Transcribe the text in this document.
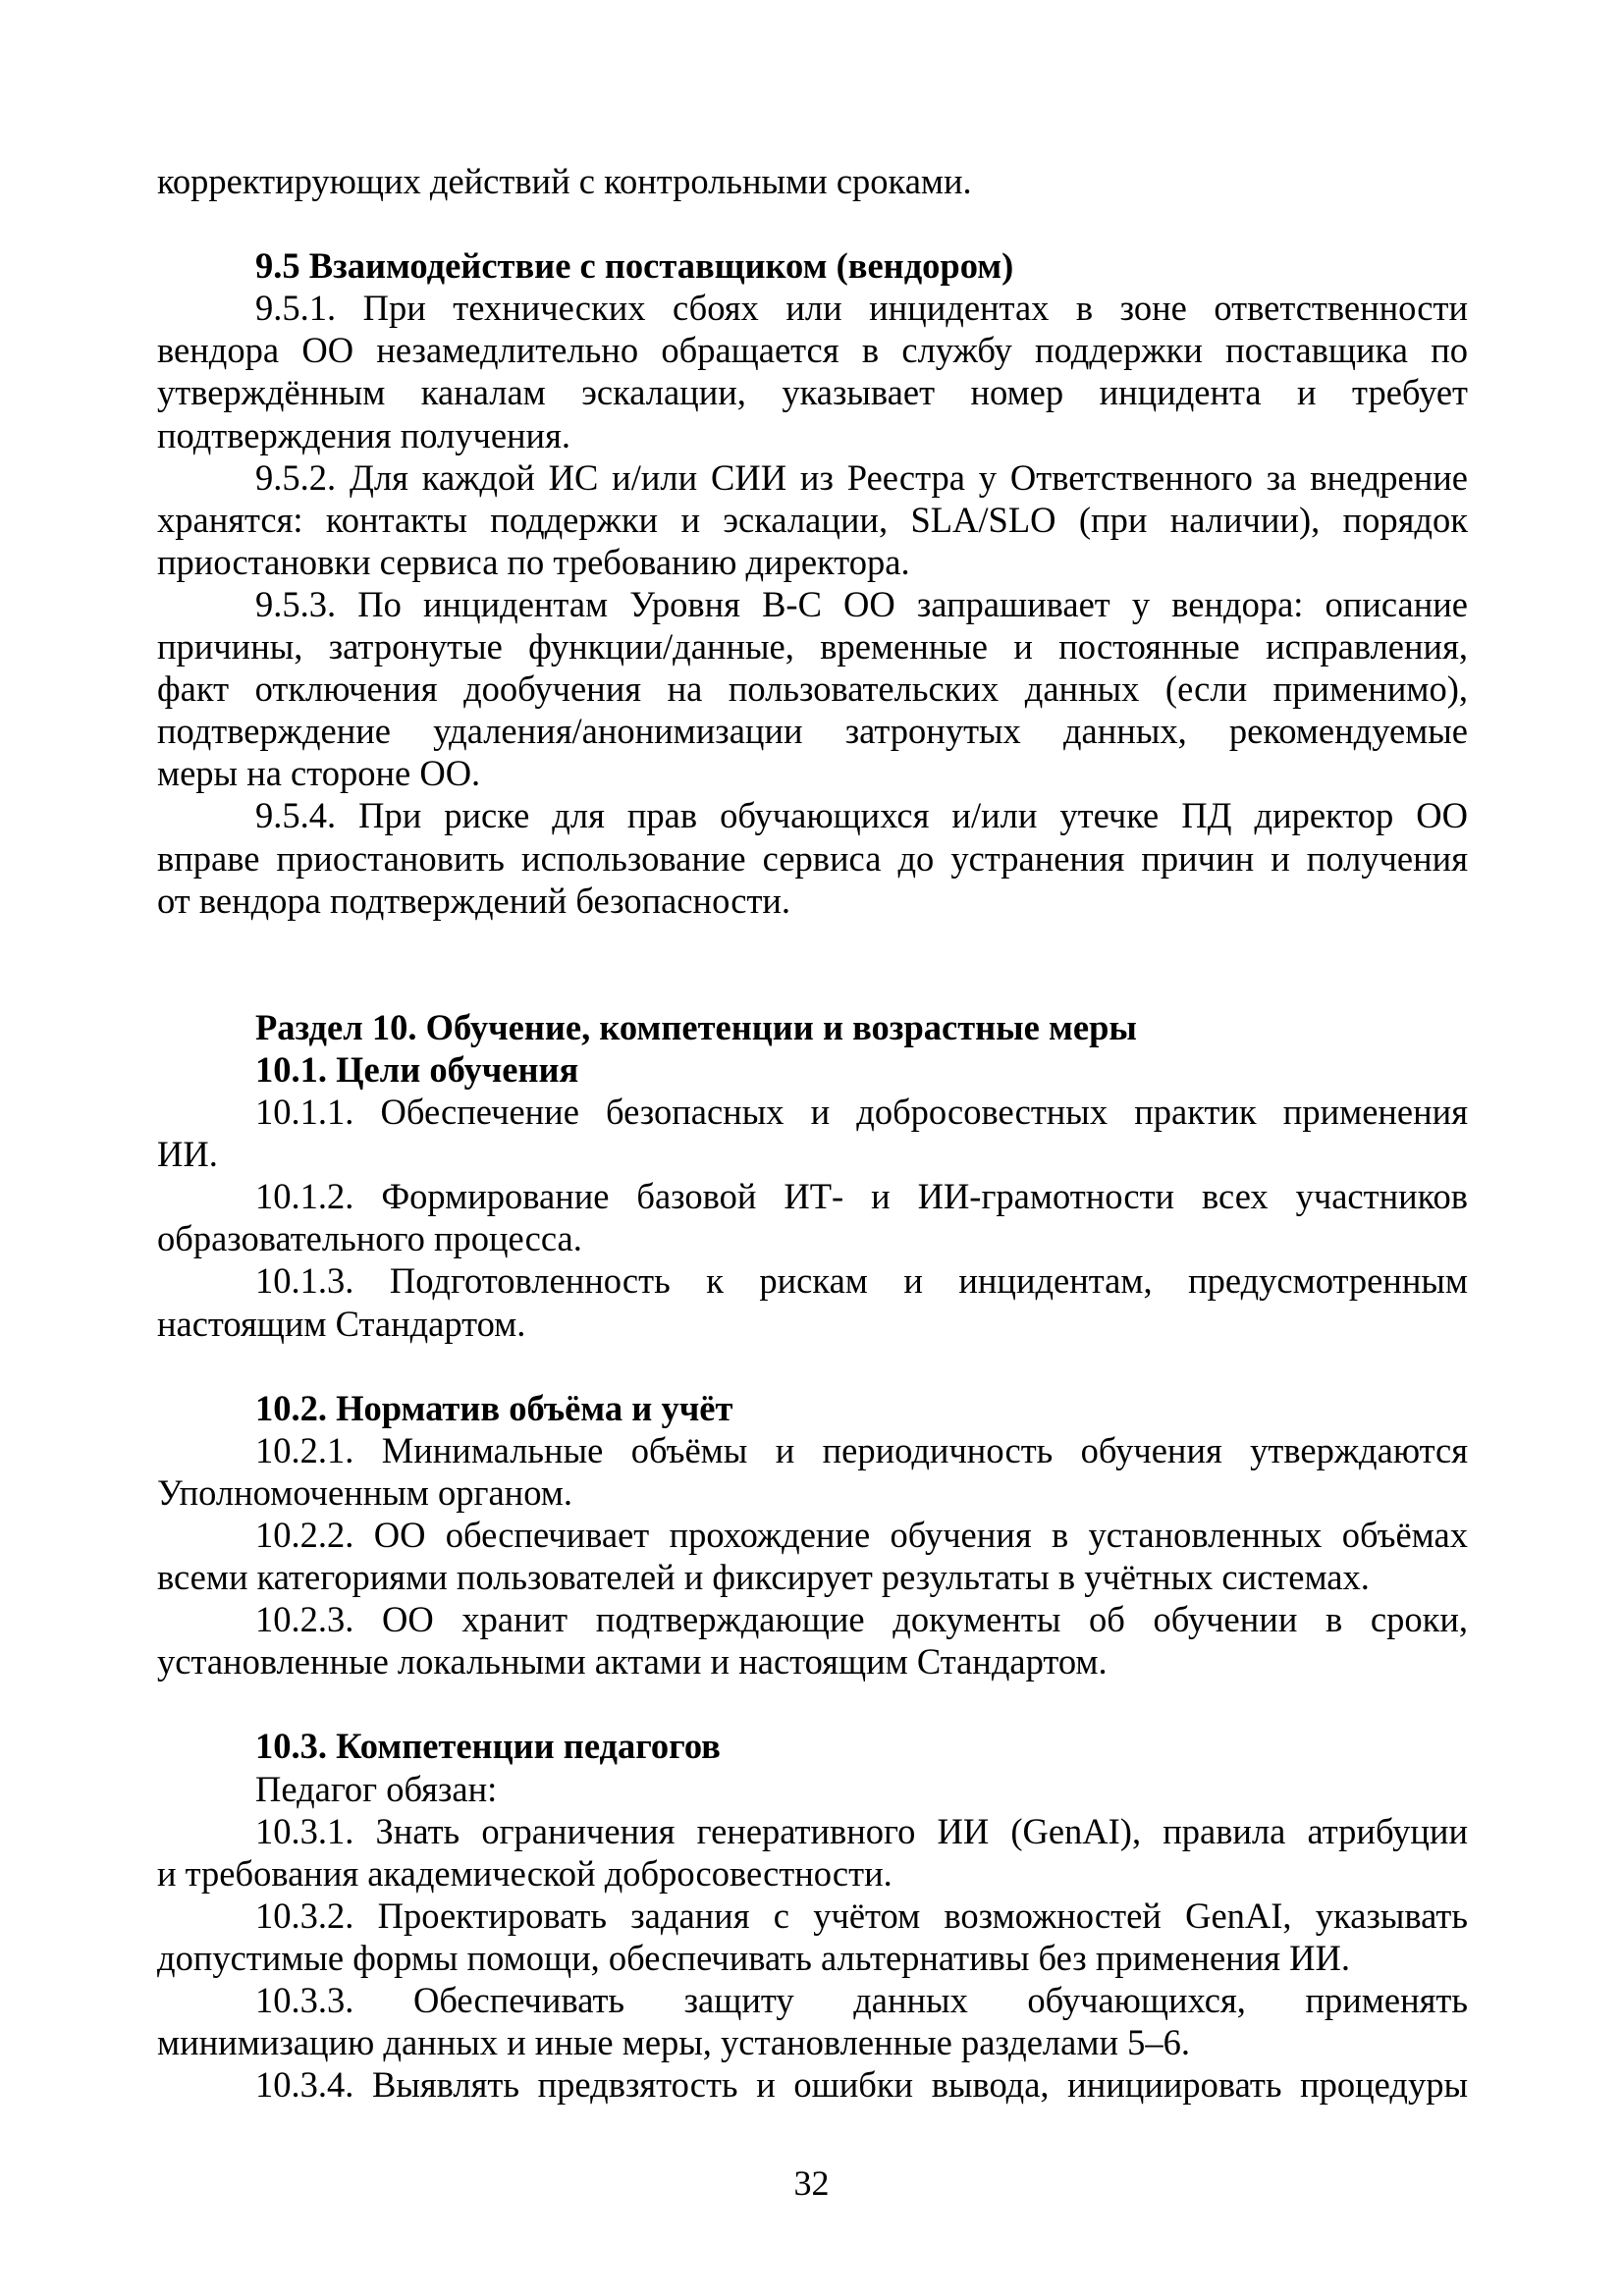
корректирующих действий с контрольными сроками.
9.5 Взаимодействие с поставщиком (вендором)
9.5.1. При технических сбоях или инцидентах в зоне ответственности
вендора ОО незамедлительно обращается в службу поддержки поставщика по
утверждённым каналам эскалации, указывает номер инцидента и требует
подтверждения получения.
9.5.2. Для каждой ИС и/или СИИ из Реестра у Ответственного за внедрение
хранятся: контакты поддержки и эскалации, SLA/SLO (при наличии), порядок
приостановки сервиса по требованию директора.
9.5.3. По инцидентам Уровня В-С ОО запрашивает у вендора: описание
причины, затронутые функции/данные, временные и постоянные исправления,
факт отключения дообучения на пользовательских данных (если применимо),
подтверждение удаления/анонимизации затронутых данных, рекомендуемые
меры на стороне ОО.
9.5.4. При риске для прав обучающихся и/или утечке ПД директор ОО
вправе приостановить использование сервиса до устранения причин и получения
от вендора подтверждений безопасности.
Раздел 10. Обучение, компетенции и возрастные меры
10.1. Цели обучения
10.1.1. Обеспечение безопасных и добросовестных практик применения
ИИ.
10.1.2. Формирование базовой ИТ- и ИИ-грамотности всех участников
образовательного процесса.
10.1.3. Подготовленность к рискам и инцидентам, предусмотренным
настоящим Стандартом.
10.2. Норматив объёма и учёт
10.2.1. Минимальные объёмы и периодичность обучения утверждаются
Уполномоченным органом.
10.2.2. ОО обеспечивает прохождение обучения в установленных объёмах
всеми категориями пользователей и фиксирует результаты в учётных системах.
10.2.3. ОО хранит подтверждающие документы об обучении в сроки,
установленные локальными актами и настоящим Стандартом.
10.3. Компетенции педагогов
Педагог обязан:
10.3.1. Знать ограничения генеративного ИИ (GenAI), правила атрибуции
и требования академической добросовестности.
10.3.2. Проектировать задания с учётом возможностей GenAI, указывать
допустимые формы помощи, обеспечивать альтернативы без применения ИИ.
10.3.3. Обеспечивать защиту данных обучающихся, применять
минимизацию данных и иные меры, установленные разделами 5–6.
10.3.4. Выявлять предвзятость и ошибки вывода, инициировать процедуры
32
